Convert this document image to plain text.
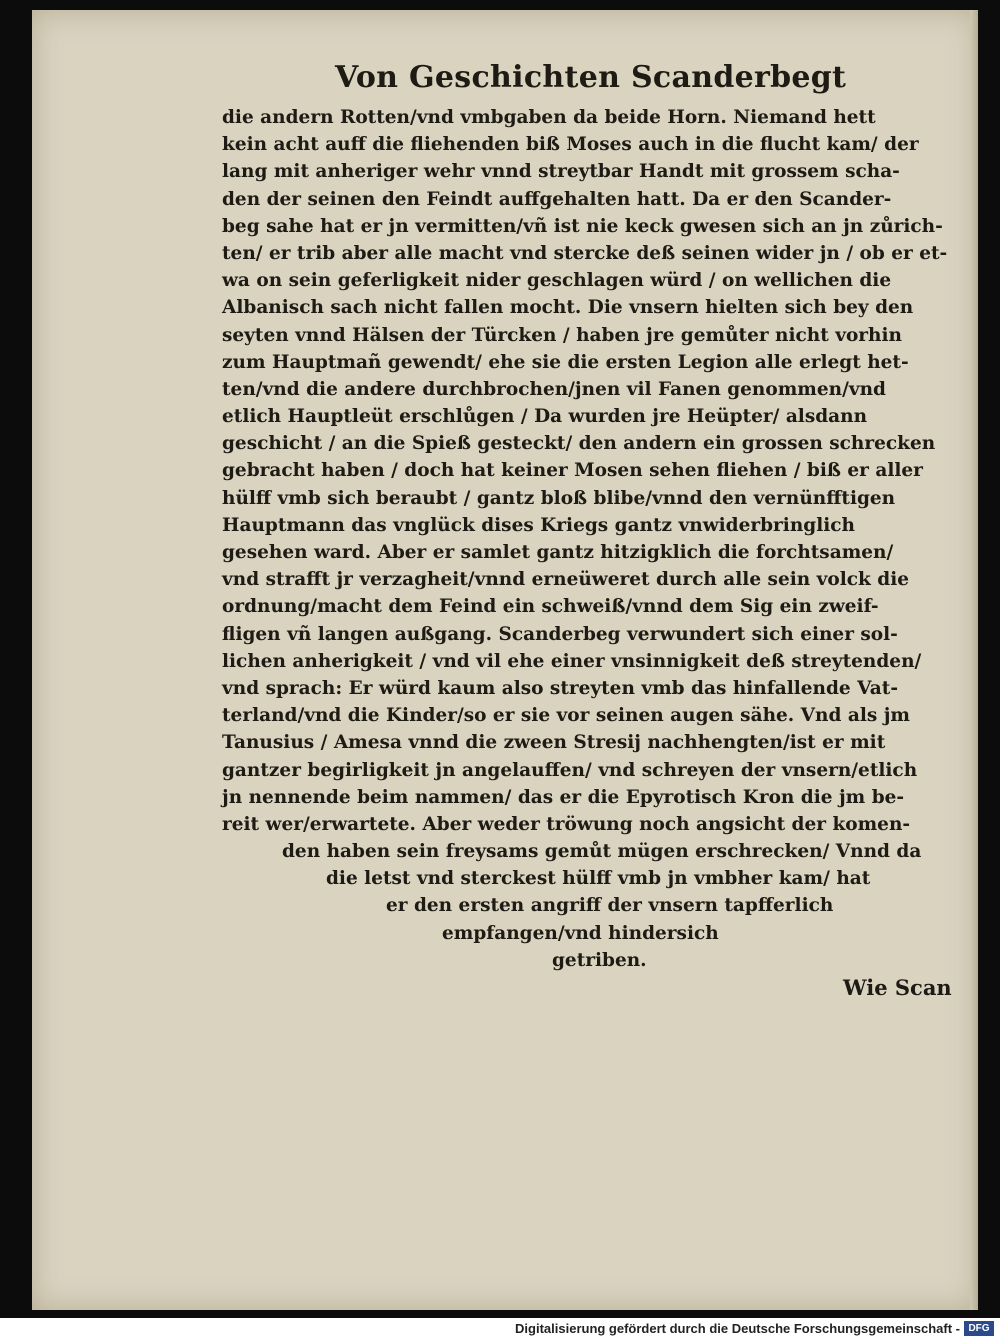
Von Geschichten Scanderbegt
die andern Rotten/vnd vmbgaben da beide Horn. Niemand hett
kein acht auff die fliehenden biß Moses auch in die flucht kam/ der
lang mit anheriger wehr vnnd streytbar Handt mit grossem scha-
den der seinen den Feindt auffgehalten hatt. Da er den Scander-
beg sahe hat er jn vermitten/vñ ist nie keck gwesen sich an jn zůrich-
ten/ er trib aber alle macht vnd stercke deß seinen wider jn / ob er et-
wa on sein geferligkeit nider geschlagen würd / on wellichen die
Albanisch sach nicht fallen mocht. Die vnsern hielten sich bey den
seyten vnnd Hälsen der Türcken / haben jre gemůter nicht vorhin
zum Hauptmañ gewendt/ ehe sie die ersten Legion alle erlegt het-
ten/vnd die andere durchbrochen/jnen vil Fanen genommen/vnd
etlich Hauptleüt erschlůgen / Da wurden jre Heüpter/ alsdann
geschicht / an die Spieß gesteckt/ den andern ein grossen schrecken
gebracht haben / doch hat keiner Mosen sehen fliehen / biß er aller
hülff vmb sich beraubt / gantz bloß blibe/vnnd den vernünfftigen
Hauptmann das vnglück dises Kriegs gantz vnwiderbringlich
gesehen ward. Aber er samlet gantz hitzigklich die forchtsamen/
vnd strafft jr verzagheit/vnnd erneüweret durch alle sein volck die
ordnung/macht dem Feind ein schweiß/vnnd dem Sig ein zweif-
fligen vñ langen außgang. Scanderbeg verwundert sich einer sol-
lichen anherigkeit / vnd vil ehe einer vnsinnigkeit deß streytenden/
vnd sprach: Er würd kaum also streyten vmb das hinfallende Vat-
terland/vnd die Kinder/so er sie vor seinen augen sähe. Vnd als jm
Tanusius / Amesa vnnd die zween Stresij nachhengten/ist er mit
gantzer begirligkeit jn angelauffen/ vnd schreyen der vnsern/etlich
jn nennende beim nammen/ das er die Epyrotisch Kron die jm be-
reit wer/erwartete. Aber weder tröwung noch angsicht der komen-
den haben sein freysams gemůt mügen erschrecken/ Vnnd da
die letst vnd sterckest hülff vmb jn vmbher kam/ hat
er den ersten angriff der vnsern tapfferlich
empfangen/vnd hindersich
getriben.
Wie Scan
Digitalisierung gefördert durch die Deutsche Forschungsgemeinschaft - DFG
